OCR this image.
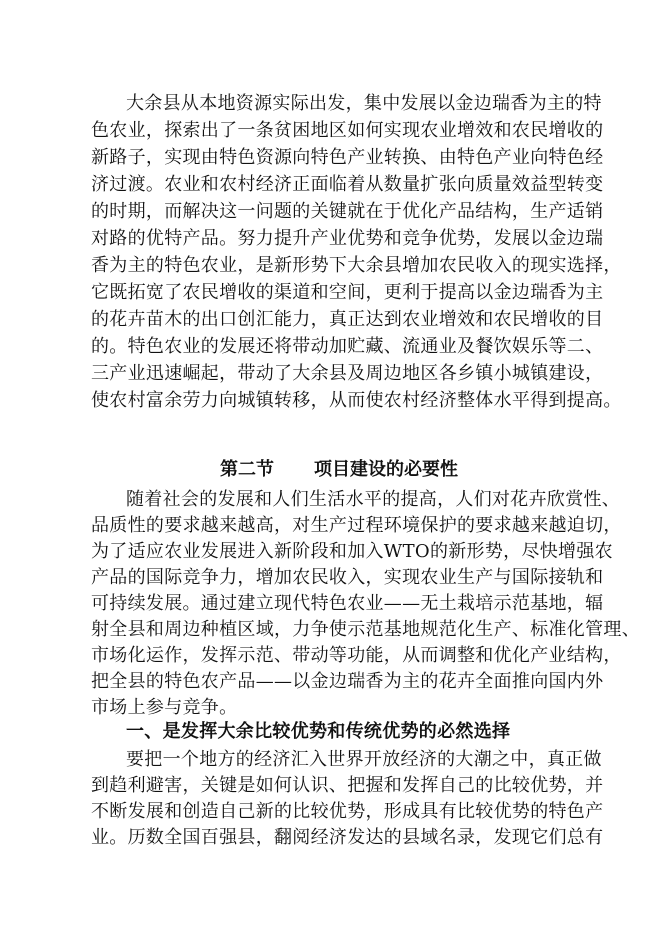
大余县从本地资源实际出发，集中发展以金边瑞香为主的特
色农业，探索出了一条贫困地区如何实现农业增效和农民增收的
新路子，实现由特色资源向特色产业转换、由特色产业向特色经
济过渡。农业和农村经济正面临着从数量扩张向质量效益型转变
的时期，而解决这一问题的关键就在于优化产品结构，生产适销
对路的优特产品。努力提升产业优势和竞争优势，发展以金边瑞
香为主的特色农业，是新形势下大余县增加农民收入的现实选择，
它既拓宽了农民增收的渠道和空间，更利于提高以金边瑞香为主
的花卉苗木的出口创汇能力，真正达到农业增效和农民增收的目
的。特色农业的发展还将带动加贮藏、流通业及餐饮娱乐等二、
三产业迅速崛起，带动了大余县及周边地区各乡镇小城镇建设，
使农村富余劳力向城镇转移，从而使农村经济整体水平得到提高。
第二节 项目建设的必要性
随着社会的发展和人们生活水平的提高，人们对花卉欣赏性、
品质性的要求越来越高，对生产过程环境保护的要求越来越迫切，
为了适应农业发展进入新阶段和加入WTO的新形势，尽快增强农
产品的国际竞争力，增加农民收入，实现农业生产与国际接轨和
可持续发展。通过建立现代特色农业——无土栽培示范基地，辐
射全县和周边种植区域，力争使示范基地规范化生产、标准化管理、
市场化运作，发挥示范、带动等功能，从而调整和优化产业结构，
把全县的特色农产品——以金边瑞香为主的花卉全面推向国内外
市场上参与竞争。
一、是发挥大余比较优势和传统优势的必然选择
要把一个地方的经济汇入世界开放经济的大潮之中，真正做
到趋利避害，关键是如何认识、把握和发挥自己的比较优势，并
不断发展和创造自己新的比较优势，形成具有比较优势的特色产
业。历数全国百强县，翻阅经济发达的县域名录，发现它们总有
